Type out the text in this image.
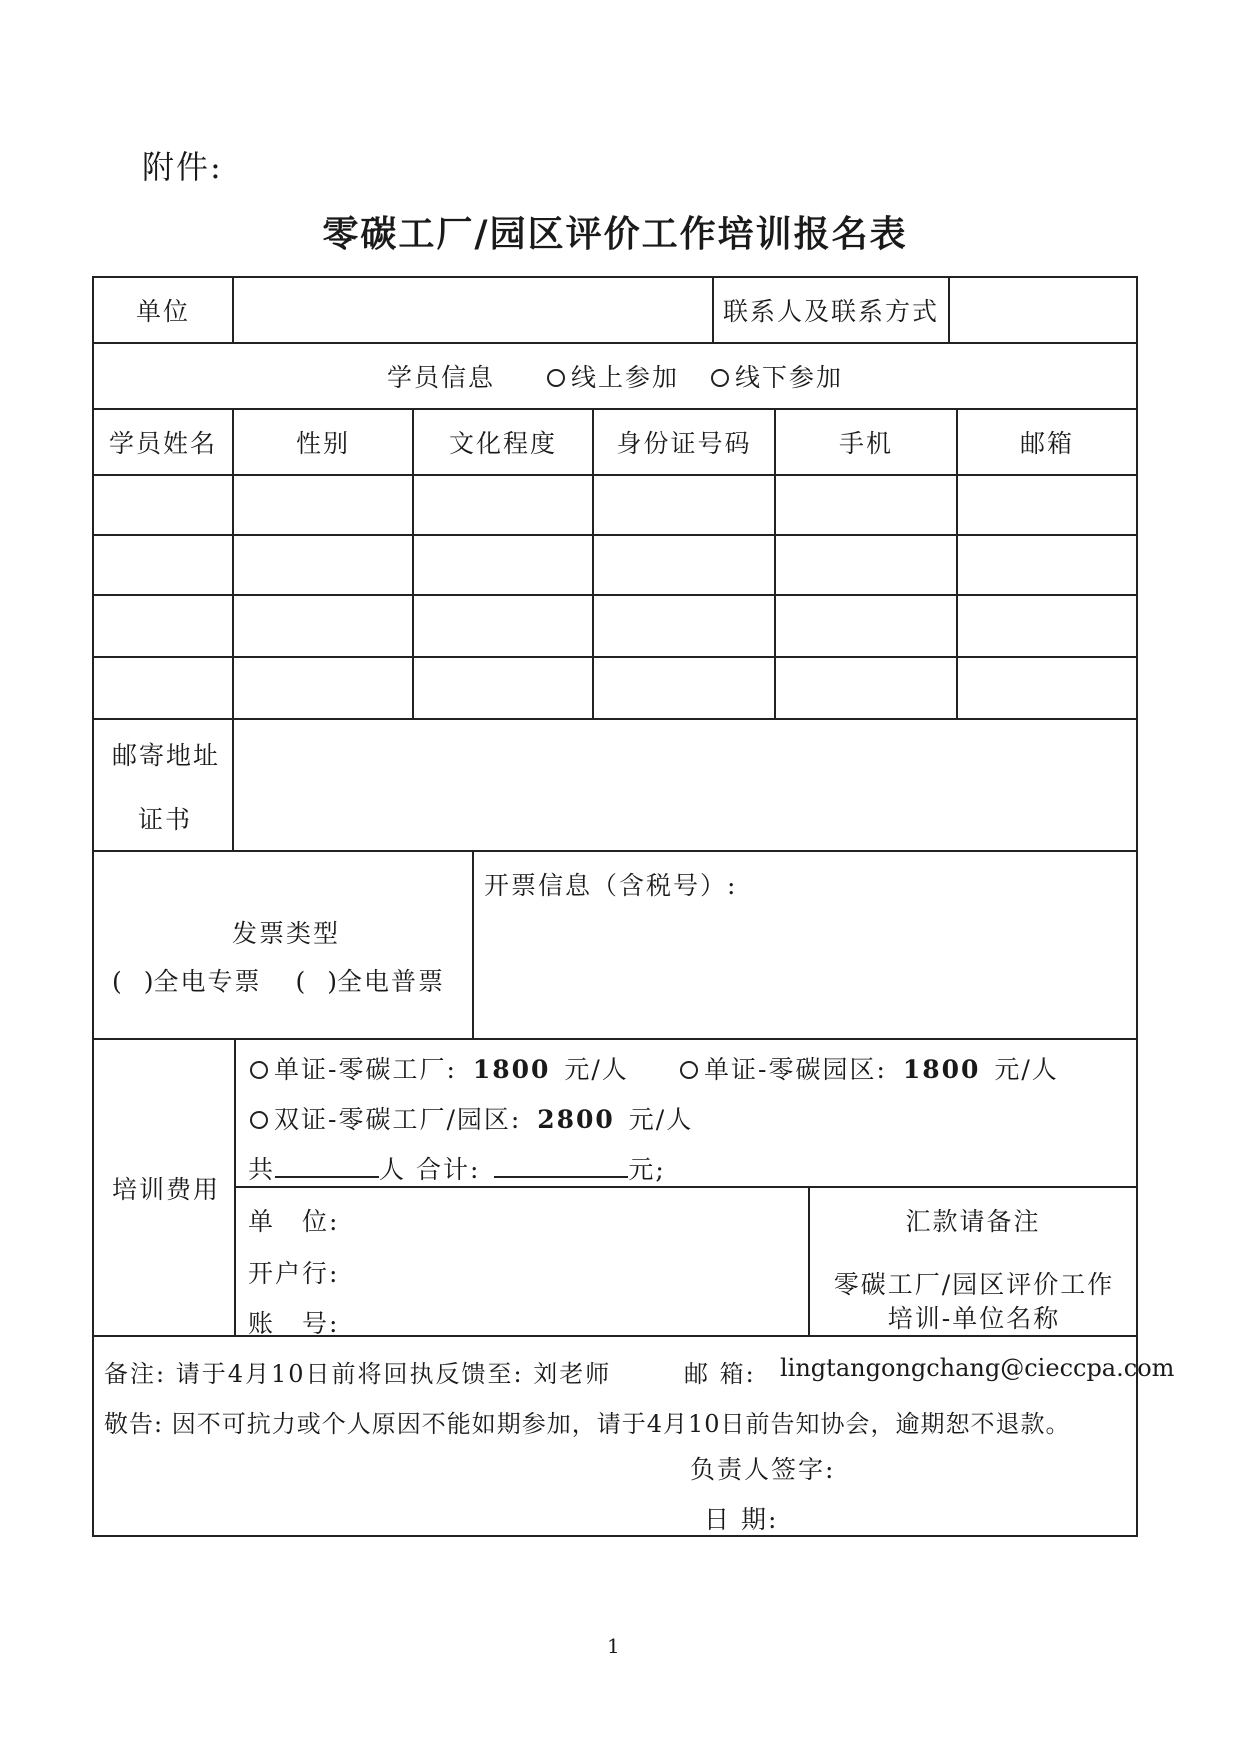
附件:
零碳工厂/园区评价工作培训报名表
单位	联系人及联系方式
学员信息	线上参加	线下参加
学员姓名	性别	文化程度	身份证号码	手机	邮箱
邮寄地址
证书
发票类型
( )全电专票 ( )全电普票
开票信息（含税号）:
培训费用
单证-零碳工厂: 1800 元/人	单证-零碳园区: 1800 元/人
双证-零碳工厂/园区: 2800 元/人
共	人 合计:	元;
单　位:
开户行:
账　号:
汇款请备注
零碳工厂/园区评价工作培训-单位名称
备注: 请于4月10日前将回执反馈至: 刘老师	邮 箱: lingtangongchang@cieccpa.com
敬告: 因不可抗力或个人原因不能如期参加，请于4月10日前告知协会，逾期恕不退款。
负责人签字:
日 期:
1
